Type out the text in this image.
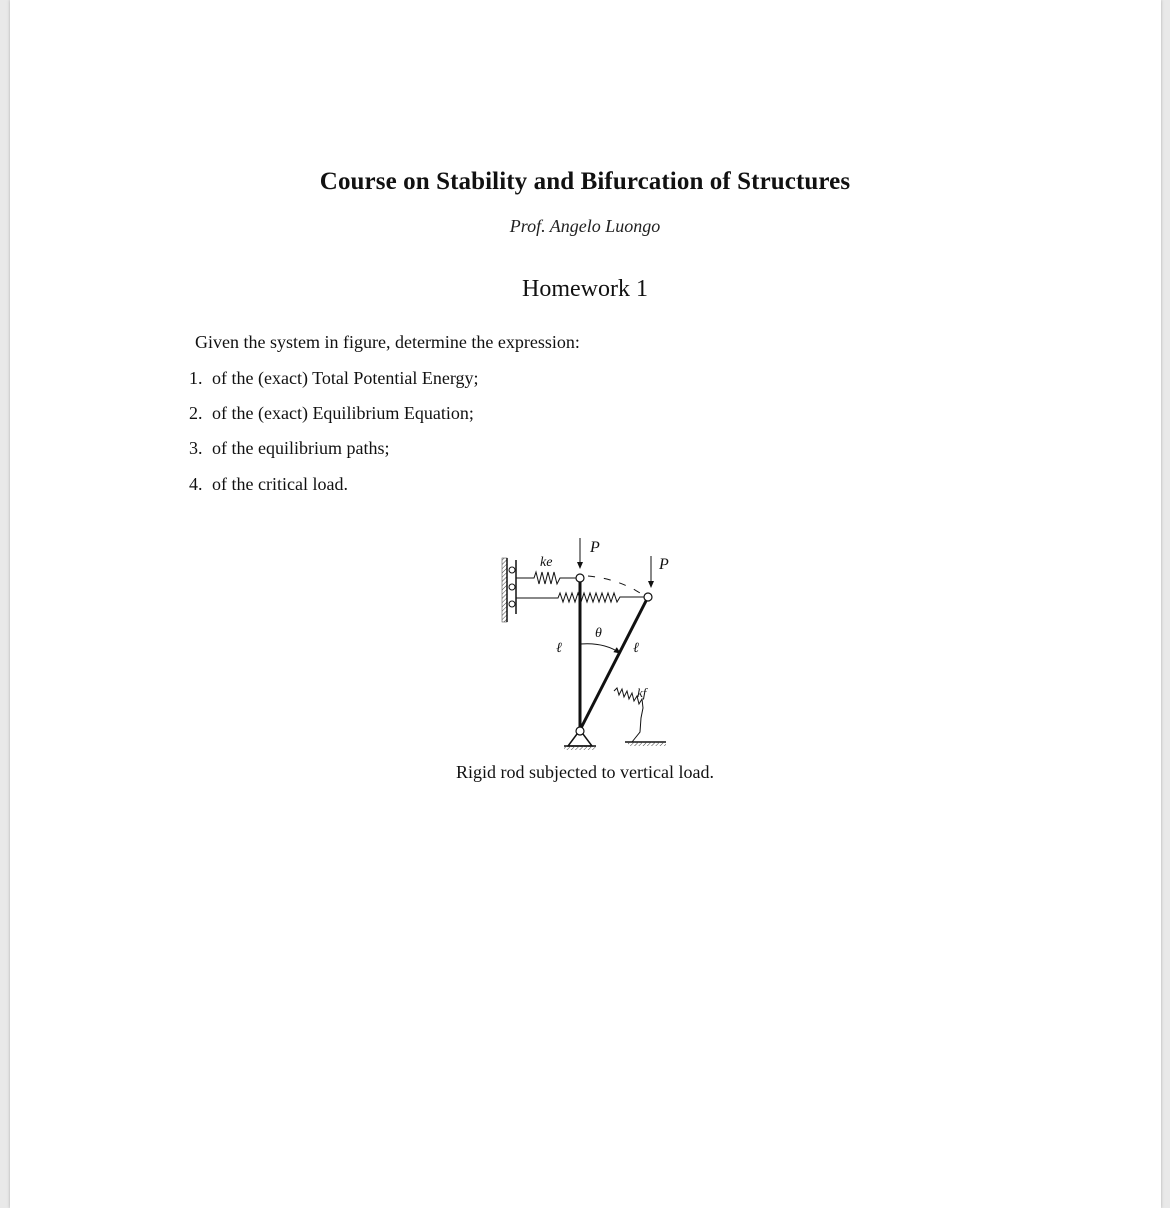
Course on Stability and Bifurcation of Structures
Prof. Angelo Luongo
Homework 1
Given the system in figure, determine the expression:
1. of the (exact) Total Potential Energy;
2. of the (exact) Equilibrium Equation;
3. of the equilibrium paths;
4. of the critical load.
P
P
ke
θ
ℓ	ℓ
kf
Rigid rod subjected to vertical load.
